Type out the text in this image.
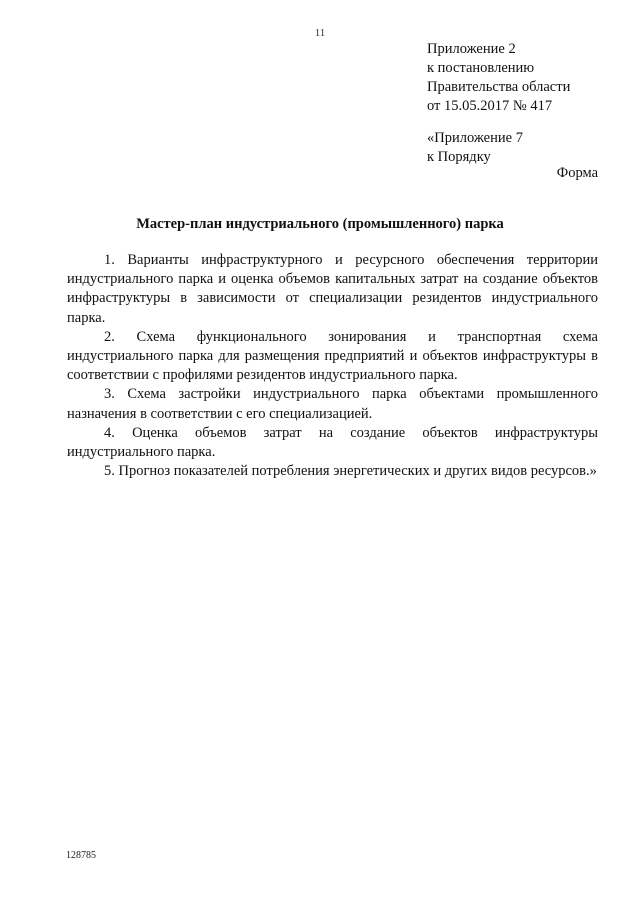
11
Приложение 2
к постановлению
Правительства области
от 15.05.2017 № 417
«Приложение 7
к Порядку
Форма
Мастер-план индустриального (промышленного) парка

1. Варианты инфраструктурного и ресурсного обеспечения территории индустриального парка и оценка объемов капитальных затрат на создание объектов инфраструктуры в зависимости от специализации резидентов индустриального парка.

2. Схема функционального зонирования и транспортная схема индустриального парка для размещения предприятий и объектов инфраструктуры в соответствии с профилями резидентов индустриального парка.

3. Схема застройки индустриального парка объектами промышленного назначения в соответствии с его специализацией.

4. Оценка объемов затрат на создание объектов инфраструктуры индустриального парка.

5. Прогноз показателей потребления энергетических и других видов ресурсов.»

128785
